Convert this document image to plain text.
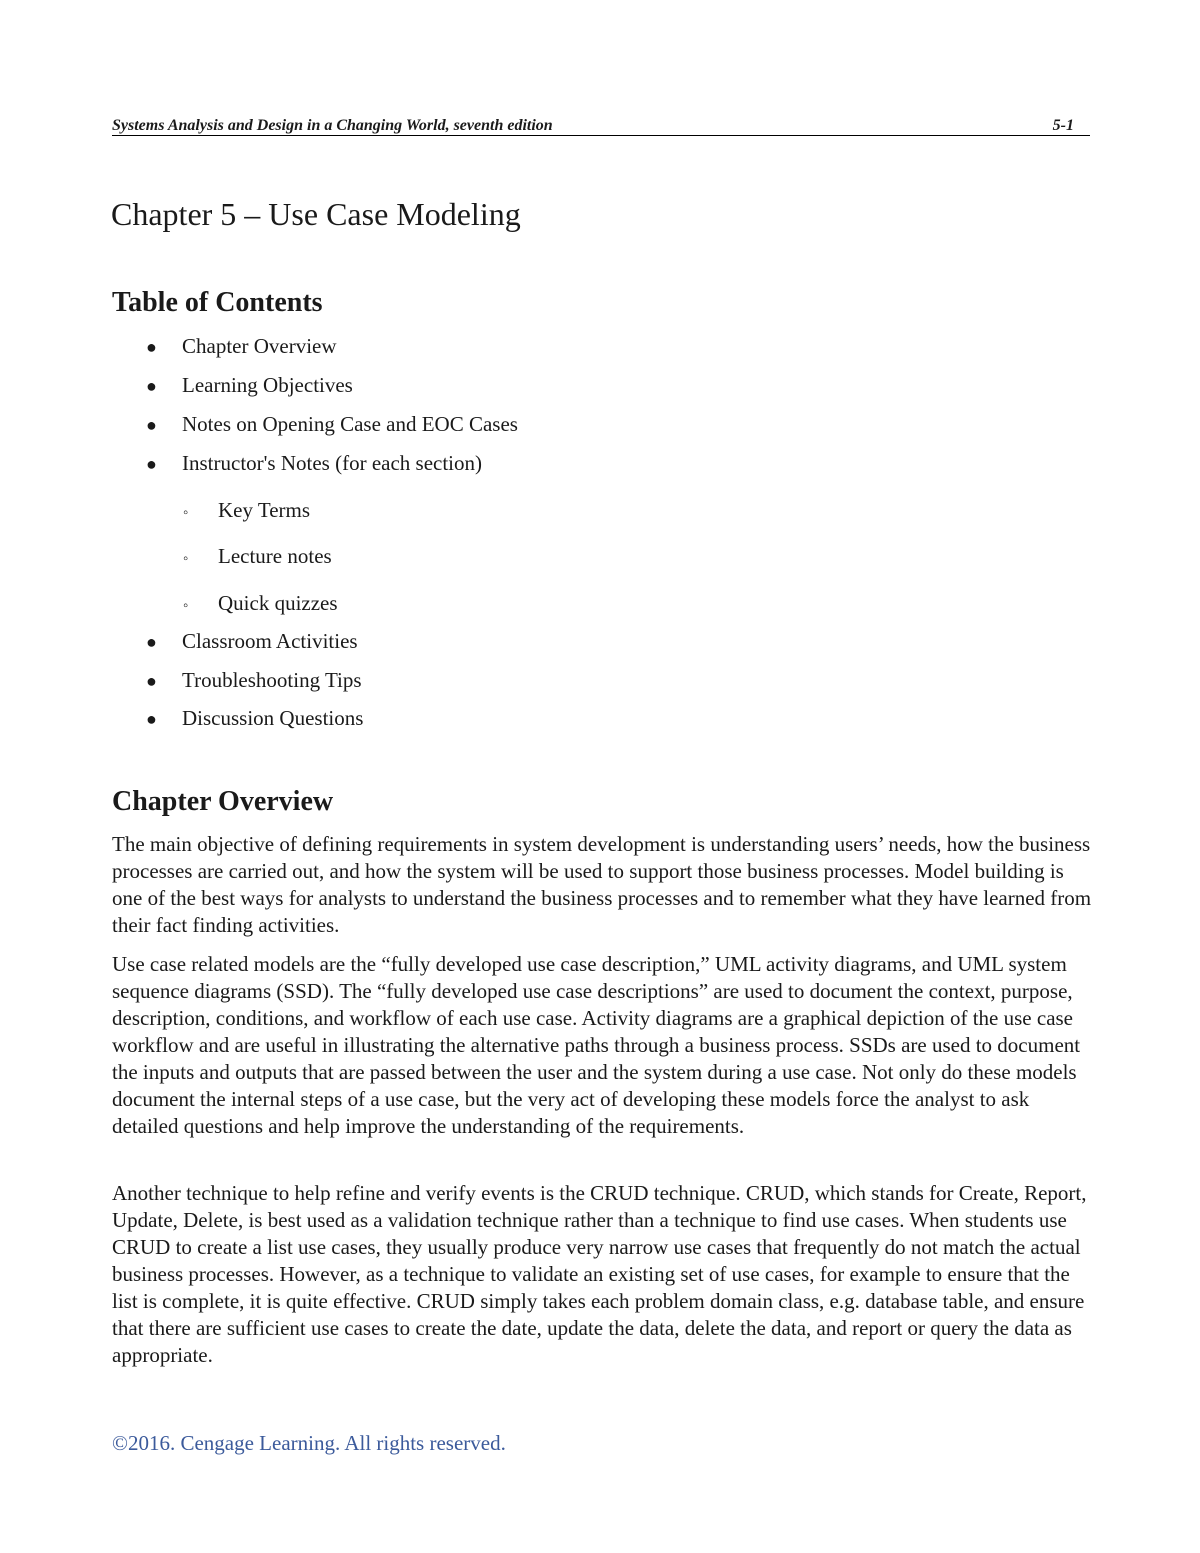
Systems Analysis and Design in a Changing World, seventh edition	5-1
Chapter 5 – Use Case Modeling
Table of Contents
● Chapter Overview
● Learning Objectives
● Notes on Opening Case and EOC Cases
● Instructor's Notes (for each section)
◦ Key Terms
◦ Lecture notes
◦ Quick quizzes
● Classroom Activities
● Troubleshooting Tips
● Discussion Questions
Chapter Overview

The main objective of defining requirements in system development is understanding users’ needs, how the business processes are carried out, and how the system will be used to support those business processes. Model building is one of the best ways for analysts to understand the business processes and to remember what they have learned from their fact finding activities.

Use case related models are the “fully developed use case description,” UML activity diagrams, and UML system sequence diagrams (SSD). The “fully developed use case descriptions” are used to document the context, purpose, description, conditions, and workflow of each use case. Activity diagrams are a graphical depiction of the use case workflow and are useful in illustrating the alternative paths through a business process. SSDs are used to document the inputs and outputs that are passed between the user and the system during a use case. Not only do these models document the internal steps of a use case, but the very act of developing these models force the analyst to ask detailed questions and help improve the understanding of the requirements.

Another technique to help refine and verify events is the CRUD technique. CRUD, which stands for Create, Report, Update, Delete, is best used as a validation technique rather than a technique to find use cases. When students use CRUD to create a list use cases, they usually produce very narrow use cases that frequently do not match the actual business processes. However, as a technique to validate an existing set of use cases, for example to ensure that the list is complete, it is quite effective. CRUD simply takes each problem domain class, e.g. database table, and ensure that there are sufficient use cases to create the date, update the data, delete the data, and report or query the data as appropriate.

©2016. Cengage Learning. All rights reserved.
